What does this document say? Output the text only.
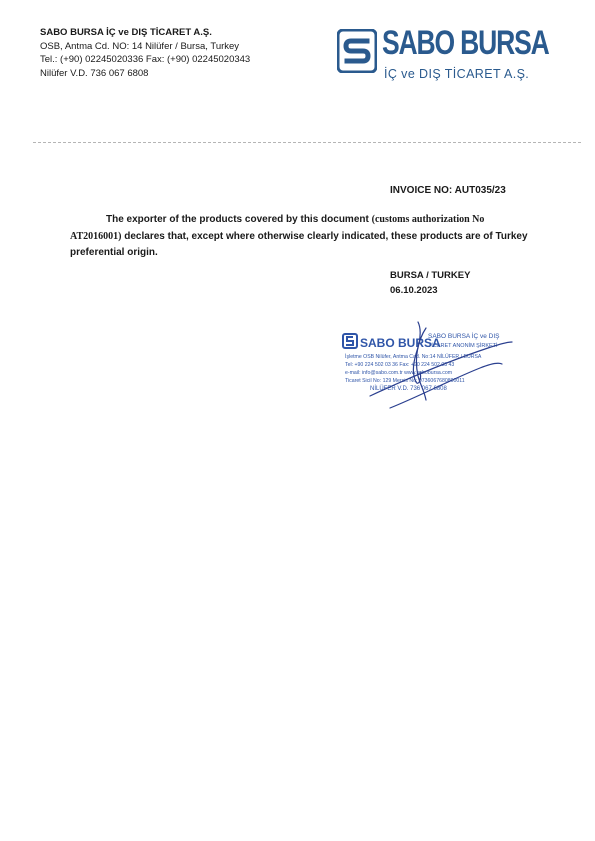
SABO BURSA İÇ ve DIŞ TİCARET A.Ş.
OSB, Antma Cd. NO: 14 Nilüfer / Bursa, Turkey
Tel.: (+90) 02245020336 Fax: (+90) 02245020343
Nilüfer V.D. 736 067 6808
SABO BURSA
İÇ ve DIŞ TİCARET A.Ş.
INVOICE NO: AUT035/23
The exporter of the products covered by this document (customs authorization No AT2016001) declares that, except where otherwise clearly indicated, these products are of Turkey preferential origin.
BURSA / TURKEY
06.10.2023
SABO BURSA
SABO BURSA İÇ ve DIŞ
TİCARET ANONİM ŞİRKETİ
İşletme OSB Nilüfer, Antma Cad. No:14 NİLÜFER / BURSA
Tel: +90 224 502 03 36 Fax: +90 224 502 03 43
e-mail: info@sabo.com.tr www.sabobursa.com
Ticaret Sicil No: 129 Mersis No: 0736067680800011
NİLÜFER V.D. 736 067 6808
